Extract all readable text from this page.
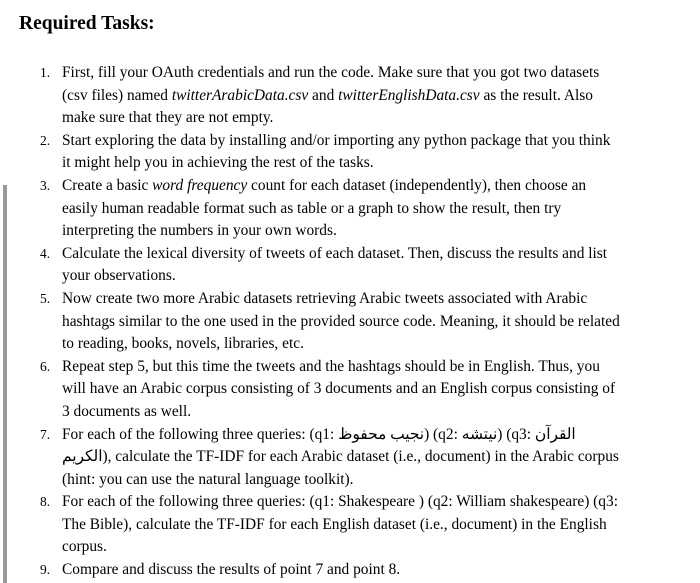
Required Tasks:
1. First, fill your OAuth credentials and run the code. Make sure that you got two datasets (csv files) named twitterArabicData.csv and twitterEnglishData.csv as the result. Also make sure that they are not empty.
2. Start exploring the data by installing and/or importing any python package that you think it might help you in achieving the rest of the tasks.
3. Create a basic word frequency count for each dataset (independently), then choose an easily human readable format such as table or a graph to show the result, then try interpreting the numbers in your own words.
4. Calculate the lexical diversity of tweets of each dataset. Then, discuss the results and list your observations.
5. Now create two more Arabic datasets retrieving Arabic tweets associated with Arabic hashtags similar to the one used in the provided source code. Meaning, it should be related to reading, books, novels, libraries, etc.
6. Repeat step 5, but this time the tweets and the hashtags should be in English. Thus, you will have an Arabic corpus consisting of 3 documents and an English corpus consisting of 3 documents as well.
7. For each of the following three queries: (q1: نجيب محفوظ) (q2: نيتشه) (q3: القرآن الكريم), calculate the TF-IDF for each Arabic dataset (i.e., document) in the Arabic corpus (hint: you can use the natural language toolkit).
8. For each of the following three queries: (q1: Shakespeare ) (q2: William shakespeare) (q3: The Bible), calculate the TF-IDF for each English dataset (i.e., document) in the English corpus.
9. Compare and discuss the results of point 7 and point 8.
